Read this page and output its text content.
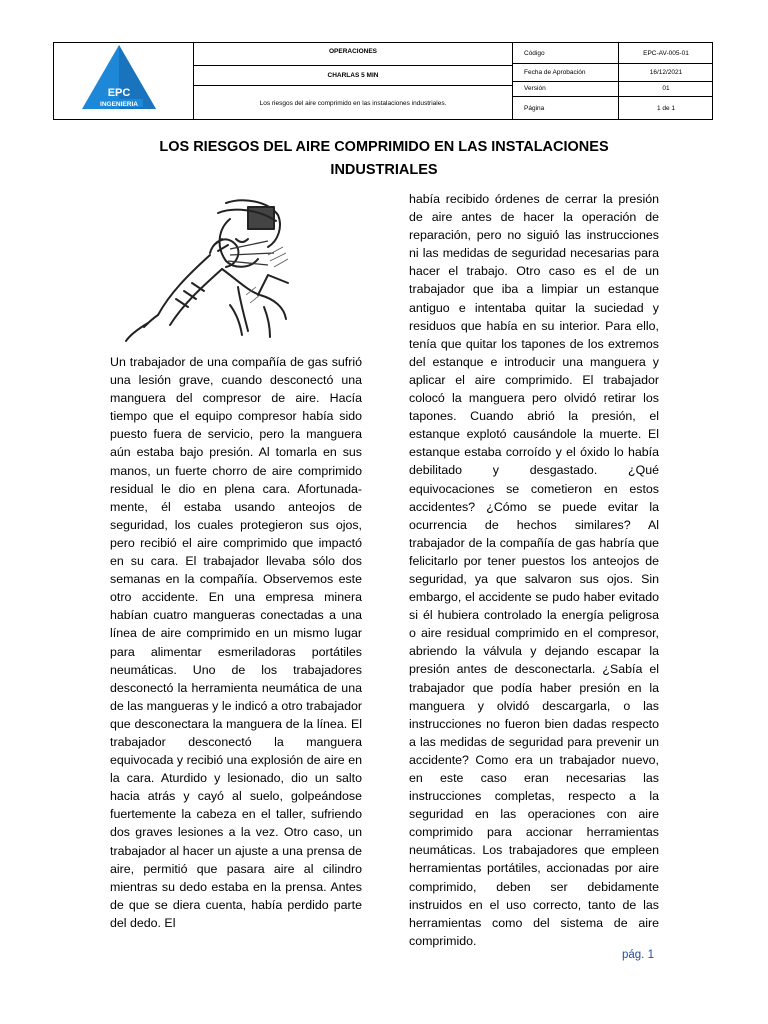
EPC
INGENIERIA
OPERACIONES
CHARLAS 5 MIN
Los riesgos del aire comprimido en las instalaciones industriales.
Código	EPC-AV-005-01
Fecha de Aprobación	16/12/2021
Versión	01
Página	1 de 1
LOS RIESGOS DEL AIRE COMPRIMIDO EN LAS INSTALACIONES
INDUSTRIALES
Un trabajador de una compañía de gas sufrió una lesión grave, cuando desconectó una manguera del compresor de aire. Hacía tiempo que el equipo compresor había sido puesto fuera de servicio, pero la manguera aún estaba bajo presión. Al tomarla en sus manos, un fuerte chorro de aire comprimido residual le dio en plena cara. Afortunada-mente, él estaba usando anteojos de seguridad, los cuales protegieron sus ojos, pero recibió el aire comprimido que impactó en su cara. El trabajador llevaba sólo dos semanas en la compañía. Observemos este otro accidente. En una empresa minera habían cuatro mangueras conectadas a una línea de aire comprimido en un mismo lugar para alimentar esmeriladoras portátiles neumáticas. Uno de los trabajadores desconectó la herramienta neumática de una de las mangueras y le indicó a otro trabajador que desconectara la manguera de la línea. El trabajador desconectó la manguera equivocada y recibió una explosión de aire en la cara. Aturdido y lesionado, dio un salto hacia atrás y cayó al suelo, golpeándose fuertemente la cabeza en el taller, sufriendo dos graves lesiones a la vez. Otro caso, un trabajador al hacer un ajuste a una prensa de aire, permitió que pasara aire al cilindro mientras su dedo estaba en la prensa. Antes de que se diera cuenta, había perdido parte del dedo. El
había recibido órdenes de cerrar la presión de aire antes de hacer la operación de reparación, pero no siguió las instrucciones ni las medidas de seguridad necesarias para hacer el trabajo. Otro caso es el de un trabajador que iba a limpiar un estanque antiguo e intentaba quitar la suciedad y residuos que había en su interior. Para ello, tenía que quitar los tapones de los extremos del estanque e introducir una manguera y aplicar el aire comprimido. El trabajador colocó la manguera pero olvidó retirar los tapones. Cuando abrió la presión, el estanque explotó causándole la muerte. El estanque estaba corroído y el óxido lo había debilitado y desgastado. ¿Qué equivocaciones se cometieron en estos accidentes? ¿Cómo se puede evitar la ocurrencia de hechos similares? Al trabajador de la compañía de gas habría que felicitarlo por tener puestos los anteojos de seguridad, ya que salvaron sus ojos. Sin embargo, el accidente se pudo haber evitado si él hubiera controlado la energía peligrosa o aire residual comprimido en el compresor, abriendo la válvula y dejando escapar la presión antes de desconectarla. ¿Sabía el trabajador que podía haber presión en la manguera y olvidó descargarla, o las instrucciones no fueron bien dadas respecto a las medidas de seguridad para prevenir un accidente? Como era un trabajador nuevo, en este caso eran necesarias las instrucciones completas, respecto a la seguridad en las operaciones con aire comprimido para accionar herramientas neumáticas. Los trabajadores que empleen herramientas portátiles, accionadas por aire comprimido, deben ser debidamente instruidos en el uso correcto, tanto de las herramientas como del sistema de aire comprimido.
pág. 1
